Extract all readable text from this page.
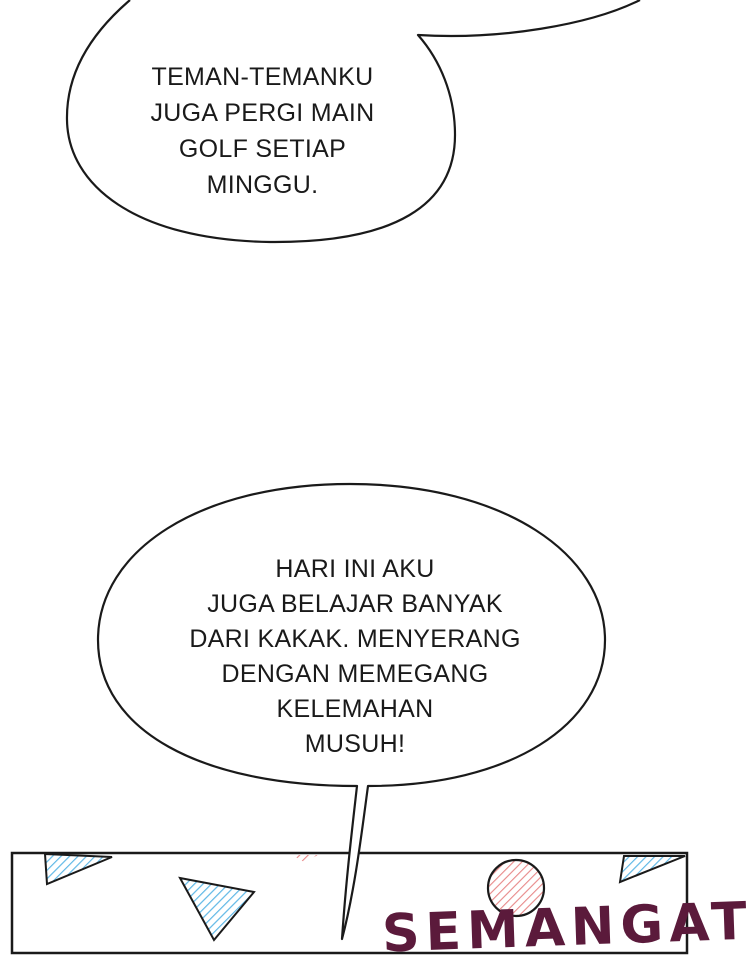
TEMAN-TEMANKU
JUGA PERGI MAIN
GOLF SETIAP
MINGGU.
HARI INI AKU
JUGA BELAJAR BANYAK
DARI KAKAK. MENYERANG
DENGAN MEMEGANG
KELEMAHAN
MUSUH!
SEMANGAT
